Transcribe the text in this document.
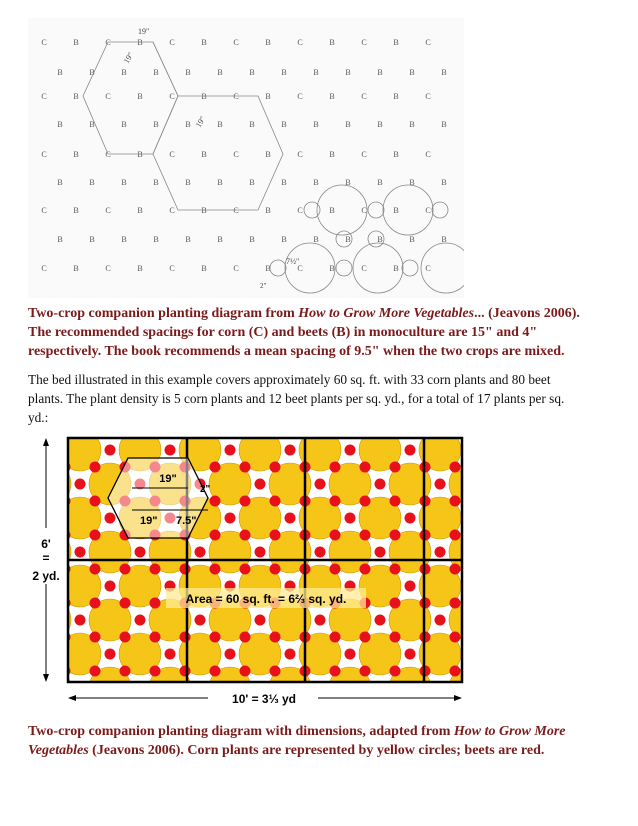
C	B	C	B	C	B	C	B	C	B	C	B	C
B	B	B	B	B	B	B	B	B	B	B	B	B
C	B	C	B	C	B	C	B	C	B	C	B	C
B	B	B	B	B	B	B	B	B	B	B	B	B
C	B	C	B	C	B	C	B	C	B	C	B	C
B	B	B	B	B	B	B	B	B	B	B	B	B
C	B	C	B	C	B	C	B	C	B	C	B	C
B	B	B	B	B	B	B	B	B	B	B	B	B
C	B	C	B	C	B	C	B	C	B	C	B	C
19"
19"
19"
7½"
2"
Two-crop companion planting diagram from How to Grow More Vegetables... (Jeavons 2006).
The recommended spacings for corn (C) and beets (B) in monoculture are 15" and 4"
respectively. The book recommends a mean spacing of 9.5" when the two crops are mixed.
The bed illustrated in this example covers approximately 60 sq. ft. with 33 corn plants and 80 beet
plants. The plant density is 5 corn plants and 12 beet plants per sq. yd., for a total of 17 plants per sq.
yd.:
19"
2"
19" 7.5"
Area = 60 sq. ft. = 6⅔ sq. yd.
6'
=
2 yd.
10' = 3⅓ yd
Two-crop companion planting diagram with dimensions, adapted from How to Grow More
Vegetables (Jeavons 2006). Corn plants are represented by yellow circles; beets are red.
